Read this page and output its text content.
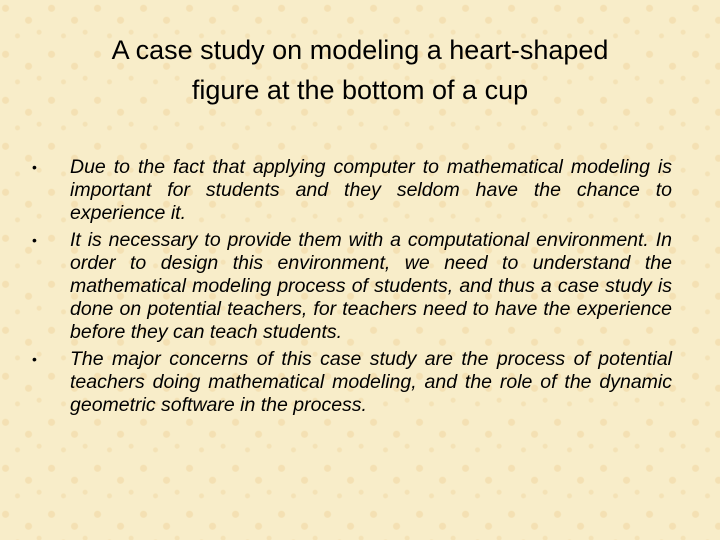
A case study on modeling a heart-shaped
figure at the bottom of a cup
• Due to the fact that applying computer to mathematical modeling is important for students and they seldom have the chance to experience it.
• It is necessary to provide them with a computational environment. In order to design this environment, we need to understand the mathematical modeling process of students, and thus a case study is done on potential teachers, for teachers need to have the experience before they can teach students.
• The major concerns of this case study are the process of potential teachers doing mathematical modeling, and the role of the dynamic geometric software in the process.
